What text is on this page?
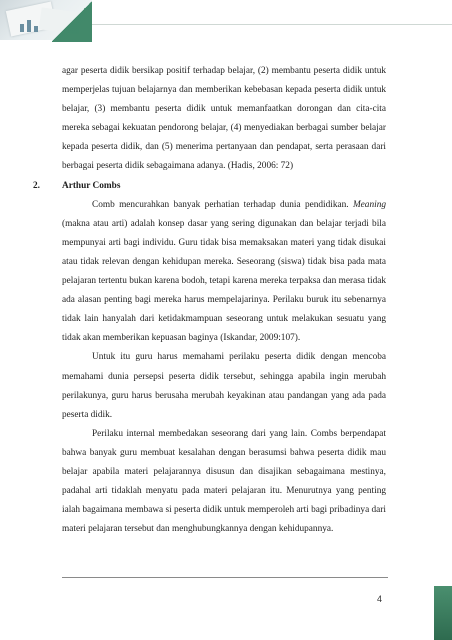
agar peserta didik bersikap positif terhadap belajar, (2) membantu peserta didik untuk memperjelas tujuan belajarnya dan memberikan kebebasan kepada peserta didik untuk belajar, (3) membantu peserta didik untuk memanfaatkan dorongan dan cita-cita mereka sebagai kekuatan pendorong belajar, (4) menyediakan berbagai sumber belajar kepada peserta didik, dan (5) menerima pertanyaan dan pendapat, serta perasaan dari berbagai peserta didik sebagaimana adanya. (Hadis, 2006: 72)

2. Arthur Combs

Comb mencurahkan banyak perhatian terhadap dunia pendidikan. Meaning (makna atau arti) adalah konsep dasar yang sering digunakan dan belajar terjadi bila mempunyai arti bagi individu. Guru tidak bisa memaksakan materi yang tidak disukai atau tidak relevan dengan kehidupan mereka. Seseorang (siswa) tidak bisa pada mata pelajaran tertentu bukan karena bodoh, tetapi karena mereka terpaksa dan merasa tidak ada alasan penting bagi mereka harus mempelajarinya. Perilaku buruk itu sebenarnya tidak lain hanyalah dari ketidakmampuan seseorang untuk melakukan sesuatu yang tidak akan memberikan kepuasan baginya (Iskandar, 2009:107).

Untuk itu guru harus memahami perilaku peserta didik dengan mencoba memahami dunia persepsi peserta didik tersebut, sehingga apabila ingin merubah perilakunya, guru harus berusaha merubah keyakinan atau pandangan yang ada pada peserta didik.

Perilaku internal membedakan seseorang dari yang lain. Combs berpendapat bahwa banyak guru membuat kesalahan dengan berasumsi bahwa peserta didik mau belajar apabila materi pelajarannya disusun dan disajikan sebagaimana mestinya, padahal arti tidaklah menyatu pada materi pelajaran itu. Menurutnya yang penting ialah bagaimana membawa si peserta didik untuk memperoleh arti bagi pribadinya dari materi pelajaran tersebut dan menghubungkannya dengan kehidupannya.

4
